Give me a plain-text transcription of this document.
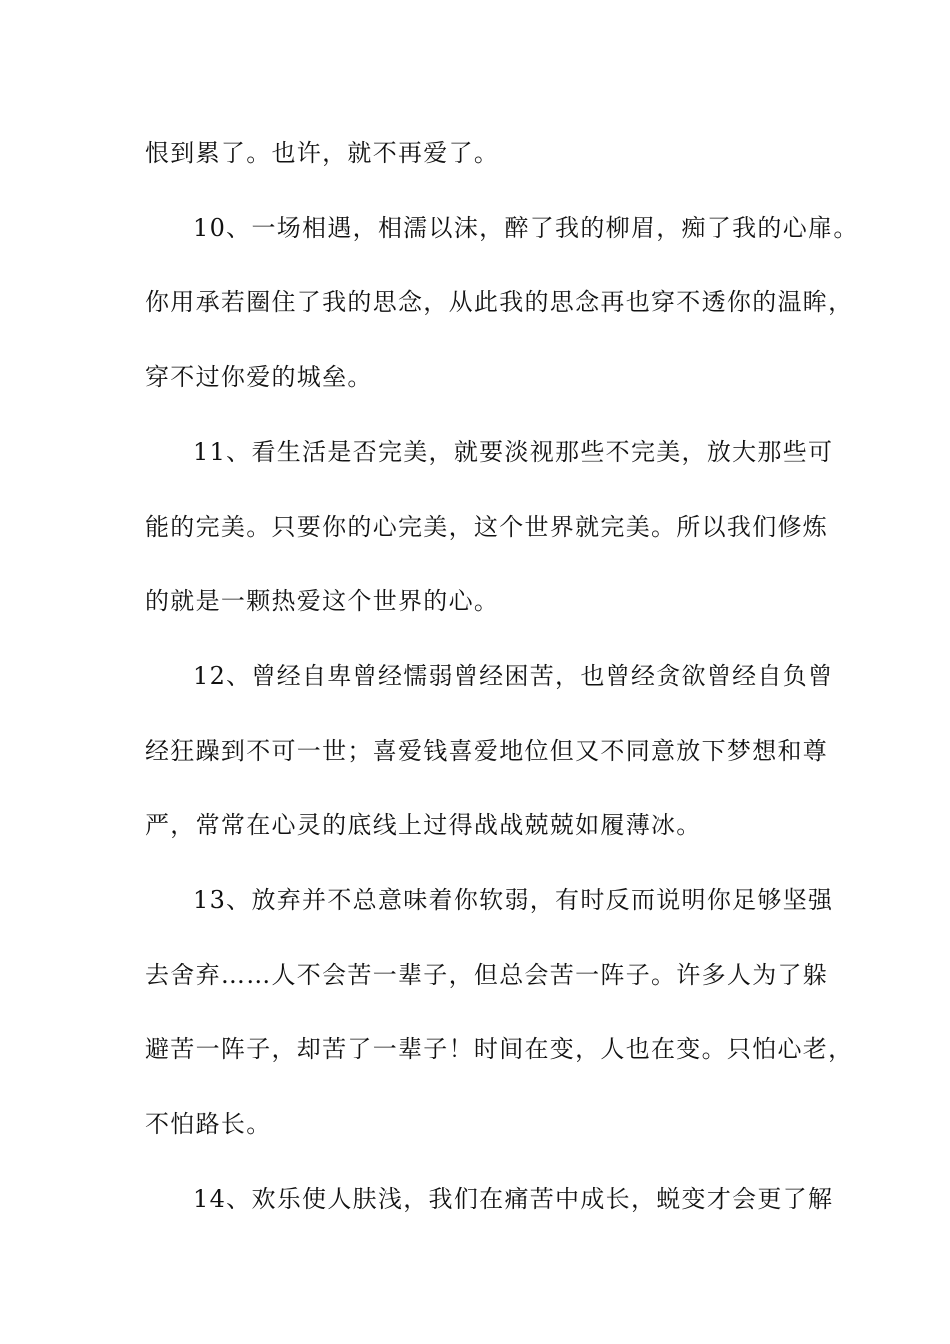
恨到累了。也许，就不再爱了。
10、一场相遇，相濡以沫，醉了我的柳眉，痴了我的心扉。
你用承若圈住了我的思念，从此我的思念再也穿不透你的温眸，
穿不过你爱的城垒。
11、看生活是否完美，就要淡视那些不完美，放大那些可
能的完美。只要你的心完美，这个世界就完美。所以我们修炼
的就是一颗热爱这个世界的心。
12、曾经自卑曾经懦弱曾经困苦，也曾经贪欲曾经自负曾
经狂躁到不可一世；喜爱钱喜爱地位但又不同意放下梦想和尊
严，常常在心灵的底线上过得战战兢兢如履薄冰。
13、放弃并不总意味着你软弱，有时反而说明你足够坚强
去舍弃……人不会苦一辈子，但总会苦一阵子。许多人为了躲
避苦一阵子，却苦了一辈子！时间在变，人也在变。只怕心老，
不怕路长。
14、欢乐使人肤浅，我们在痛苦中成长，蜕变才会更了解
